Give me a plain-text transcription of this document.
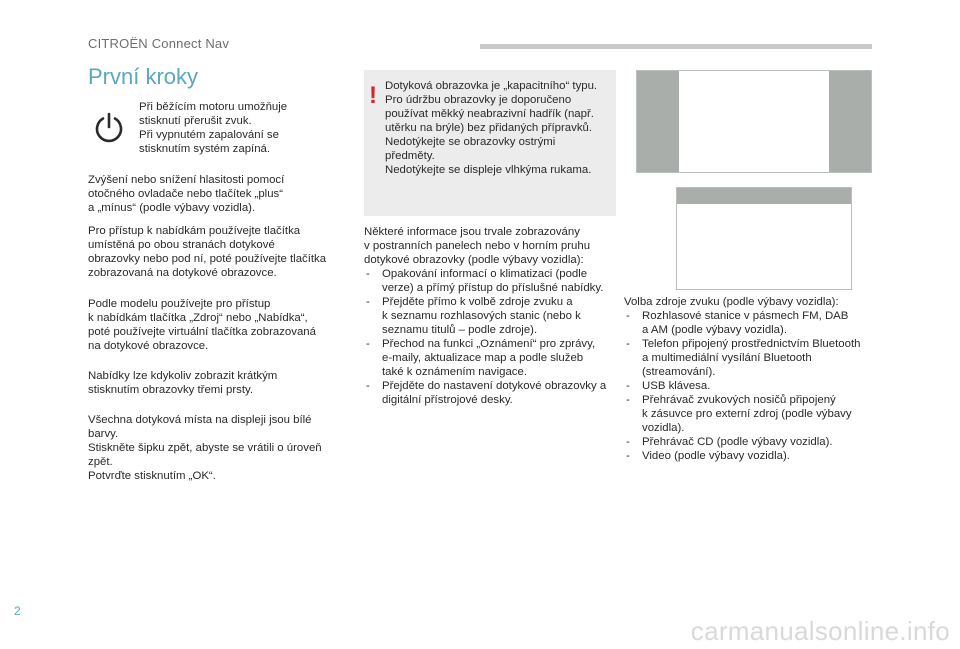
CITROËN Connect Nav
První kroky
Při běžícím motoru umožňuje
stisknutí přerušit zvuk.
Při vypnutém zapalování se
stisknutím systém zapíná.
Zvýšení nebo snížení hlasitosti pomocí
otočného ovladače nebo tlačítek „plus“
a „mínus“ (podle výbavy vozidla).
Pro přístup k nabídkám používejte tlačítka
umístěná po obou stranách dotykové
obrazovky nebo pod ní, poté používejte tlačítka
zobrazovaná na dotykové obrazovce.
Podle modelu používejte pro přístup
k nabídkám tlačítka „Zdroj“ nebo „Nabídka“,
poté používejte virtuální tlačítka zobrazovaná
na dotykové obrazovce.
Nabídky lze kdykoliv zobrazit krátkým
stisknutím obrazovky třemi prsty.
Všechna dotyková místa na displeji jsou bílé
barvy.
Stiskněte šipku zpět, abyste se vrátili o úroveň
zpět.
Potvrďte stisknutím „OK“.
! Dotyková obrazovka je „kapacitního“ typu.
Pro údržbu obrazovky je doporučeno
používat měkký neabrazivní hadřík (např.
utěrku na brýle) bez přidaných přípravků.
Nedotýkejte se obrazovky ostrými
předměty.
Nedotýkejte se displeje vlhkýma rukama.
Některé informace jsou trvale zobrazovány
v postranních panelech nebo v horním pruhu
dotykové obrazovky (podle výbavy vozidla):
- Opakování informací o klimatizaci (podle
verze) a přímý přístup do příslušné nabídky.
- Přejděte přímo k volbě zdroje zvuku a
k seznamu rozhlasových stanic (nebo k
seznamu titulů – podle zdroje).
- Přechod na funkci „Oznámení“ pro zprávy,
e-maily, aktualizace map a podle služeb
také k oznámením navigace.
- Přejděte do nastavení dotykové obrazovky a
digitální přístrojové desky.
Volba zdroje zvuku (podle výbavy vozidla):
- Rozhlasové stanice v pásmech FM, DAB
a AM (podle výbavy vozidla).
- Telefon připojený prostřednictvím Bluetooth
a multimediální vysílání Bluetooth
(streamování).
- USB klávesa.
- Přehrávač zvukových nosičů připojený
k zásuvce pro externí zdroj (podle výbavy
vozidla).
- Přehrávač CD (podle výbavy vozidla).
- Video (podle výbavy vozidla).
2
carmanualsonline.info
